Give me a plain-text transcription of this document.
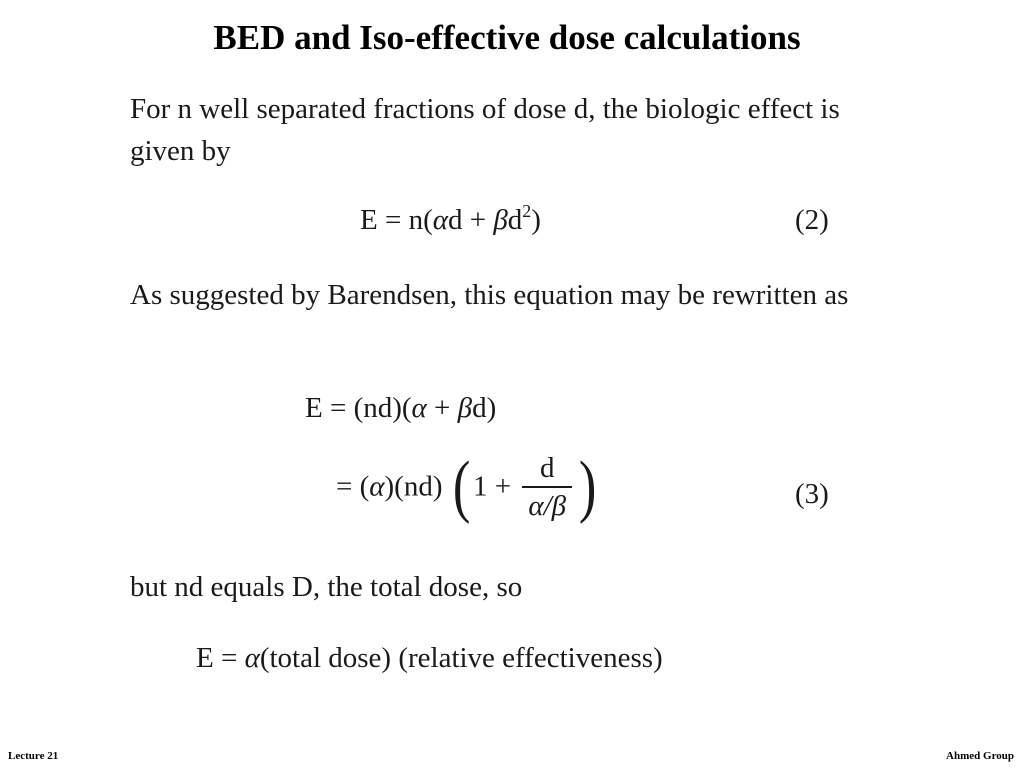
BED and Iso-effective dose calculations
For n well separated fractions of dose d, the biologic effect is given by
$E = n(\alpha d + \beta d^2)$	(2)
As suggested by Barendsen, this equation may be rewritten as
E = (nd)(α + βd)
= (α)(nd) ( $1 + \frac{d}{\alpha/\beta}$ )	(3)
but nd equals D, the total dose, so
E = α(total dose) (relative effectiveness)
Lecture 21	Ahmed Group
